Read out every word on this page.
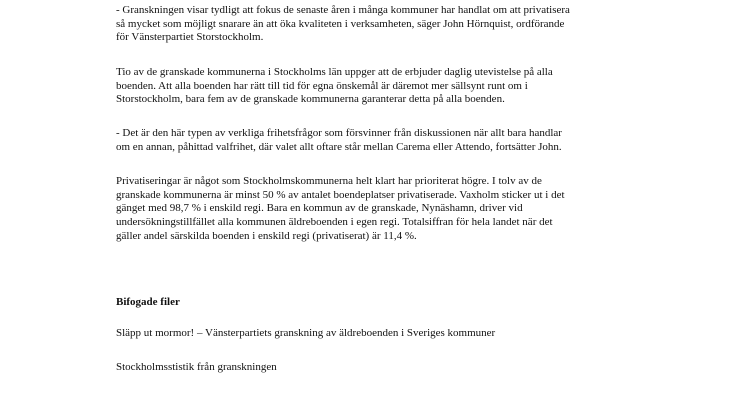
- Granskningen visar tydligt att fokus de senaste åren i många kommuner har handlat om att privatisera
så mycket som möjligt snarare än att öka kvaliteten i verksamheten, säger John Hörnquist, ordförande
för Vänsterpartiet Storstockholm.

Tio av de granskade kommunerna i Stockholms län uppger att de erbjuder daglig utevistelse på alla
boenden. Att alla boenden har rätt till tid för egna önskemål är däremot mer sällsynt runt om i
Storstockholm, bara fem av de granskade kommunerna garanterar detta på alla boenden.

- Det är den här typen av verkliga frihetsfrågor som försvinner från diskussionen när allt bara handlar
om en annan, påhittad valfrihet, där valet allt oftare står mellan Carema eller Attendo, fortsätter John.

Privatiseringar är något som Stockholmskommunerna helt klart har prioriterat högre. I tolv av de
granskade kommunerna är minst 50 % av antalet boendeplatser privatiserade. Vaxholm sticker ut i det
gänget med 98,7 % i enskild regi. Bara en kommun av de granskade, Nynäshamn, driver vid
undersökningstillfället alla kommunen äldreboenden i egen regi. Totalsiffran för hela landet när det
gäller andel särskilda boenden i enskild regi (privatiserat) är 11,4 %.

Bifogade filer

Släpp ut mormor! – Vänsterpartiets granskning av äldreboenden i Sveriges kommuner

Stockholmsstistik från granskningen
